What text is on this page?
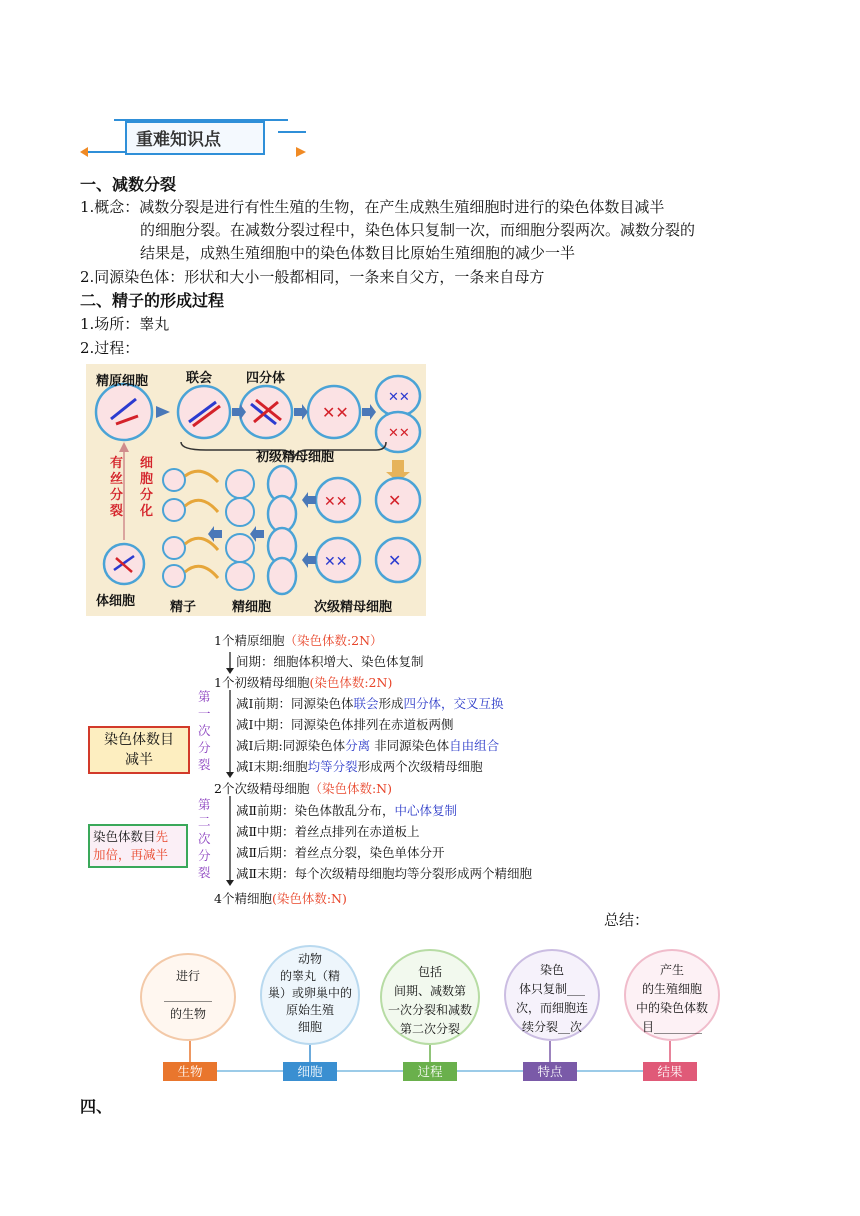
重难知识点
一、减数分裂
1.概念：减数分裂是进行有性生殖的生物，在产生成熟生殖细胞时进行的染色体数目减半
的细胞分裂。在减数分裂过程中，染色体只复制一次，而细胞分裂两次。减数分裂的
结果是，成熟生殖细胞中的染色体数目比原始生殖细胞的减少一半
2.同源染色体：形状和大小一般都相同，一条来自父方，一条来自母方
二、精子的形成过程
1.场所：睾丸
2.过程：
✕✕
✕✕
✕✕
✕✕	✕
✕✕	✕
精原细胞	联会	四分体
初级精母细胞
有丝分裂
细胞分化
体细胞	精子	精细胞	次级精母细胞
1个精原细胞（染色体数:2N）
间期：细胞体积增大、染色体复制
1个初级精母细胞(染色体数:2N)
第一次分裂
减Ⅰ前期：同源染色体联会形成四分体，交叉互换
减Ⅰ中期：同源染色体排列在赤道板两侧
减Ⅰ后期:同源染色体分离 非同源染色体自由组合
减Ⅰ末期:细胞均等分裂形成两个次级精母细胞
2个次级精母细胞（染色体数:N)
第二次分裂
减Ⅱ前期：染色体散乱分布，中心体复制
减Ⅱ中期：着丝点排列在赤道板上
减Ⅱ后期：着丝点分裂，染色单体分开
减Ⅱ末期：每个次级精母细胞均等分裂形成两个精细胞
4个精细胞(染色体数:N)
染色体数目
减半
染色体数目先
加倍，再减半
总结：
进行
________
的生物
动物
的睾丸（精
巢）或卵巢中的
原始生殖
细胞
包括
间期、减数第
一次分裂和减数
第二次分裂
染色
体只复制___
次，而细胞连
续分裂__次
产生
的生殖细胞
中的染色体数
目________
生物	细胞	过程	特点	结果
四、
